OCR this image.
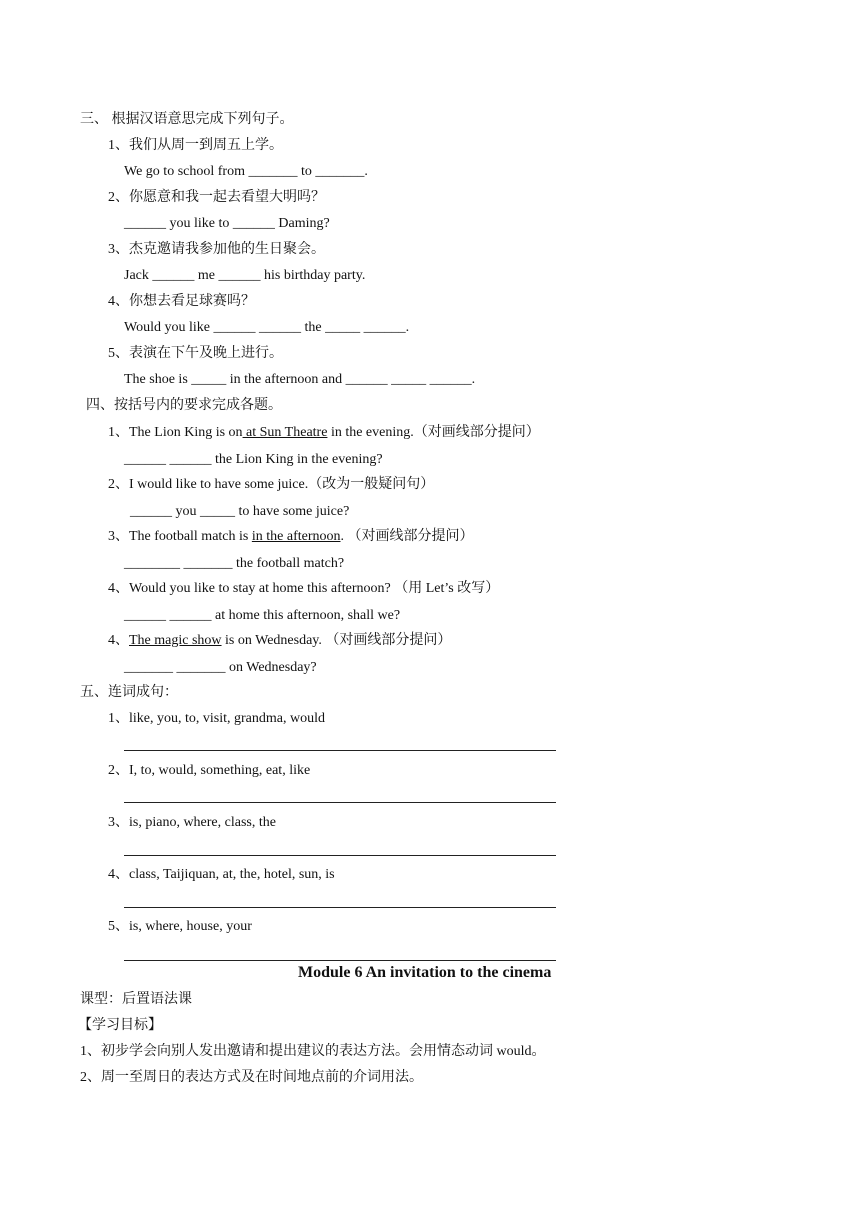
三、 根据汉语意思完成下列句子。
1、我们从周一到周五上学。
We go to school from _______ to _______.
2、你愿意和我一起去看望大明吗？
______ you like to ______ Daming?
3、杰克邀请我参加他的生日聚会。
Jack ______ me ______ his birthday party.
4、你想去看足球赛吗？
Would you like ______ ______ the _____ ______.
5、表演在下午及晚上进行。
The shoe is _____ in the afternoon and ______ _____ ______.
四、按括号内的要求完成各题。
1、The Lion King is on at Sun Theatre in the evening.（对画线部分提问）
______ ______ the Lion King in the evening?
2、I would like to have some juice.（改为一般疑问句）
______ you _____ to have some juice?
3、The football match is in the afternoon. （对画线部分提问）
________ _______ the football match?
4、Would you like to stay at home this afternoon? （用 Let’s 改写）
______ ______ at home this afternoon, shall we?
4、The magic show is on Wednesday. （对画线部分提问）
_______ _______ on Wednesday?
五、连词成句：
1、like, you, to, visit, grandma, would
2、I, to, would, something, eat, like
3、is, piano, where, class, the
4、class, Taijiquan, at, the, hotel, sun, is
5、is, where, house, your
Module 6 An invitation to the cinema
课型：后置语法课
【学习目标】
1、初步学会向别人发出邀请和提出建议的表达方法。会用情态动词 would。
2、周一至周日的表达方式及在时间地点前的介词用法。
